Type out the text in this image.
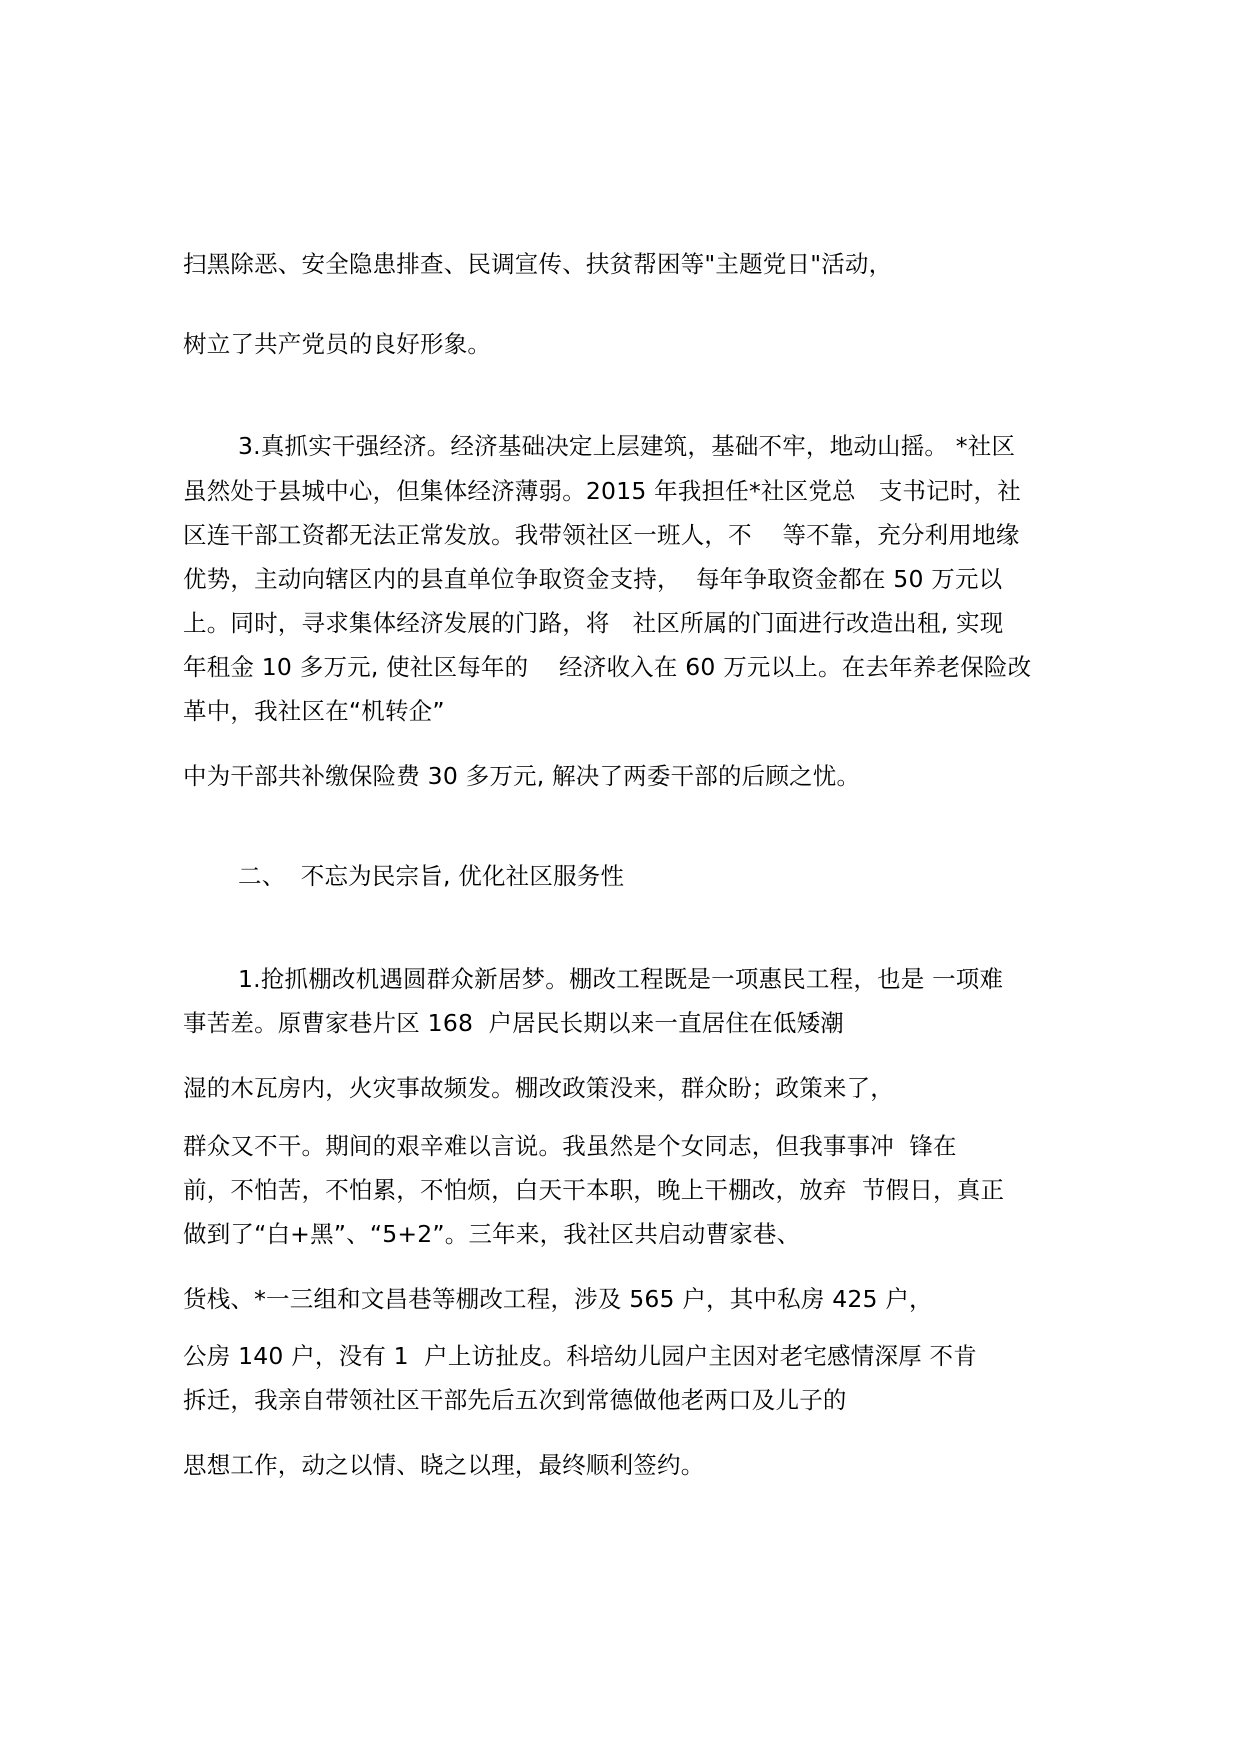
扫黑除恶、安全隐患排查、民调宣传、扶贫帮困等"主题党日"活动，
树立了共产党员的良好形象。
3.真抓实干强经济。经济基础决定上层建筑，基础不牢，地动山摇。 *社区
虽然处于县城中心，但集体经济薄弱。2015 年我担任*社区党总   支书记时，社
区连干部工资都无法正常发放。我带领社区一班人，不    等不靠，充分利用地缘
优势，主动向辖区内的县直单位争取资金支持，  每年争取资金都在 50 万元以
上。同时，寻求集体经济发展的门路，将   社区所属的门面进行改造出租, 实现
年租金 10 多万元, 使社区每年的    经济收入在 60 万元以上。在去年养老保险改
革中，我社区在“机转企”
中为干部共补缴保险费 30 多万元, 解决了两委干部的后顾之忧。
二、  不忘为民宗旨, 优化社区服务性
1.抢抓棚改机遇圆群众新居梦。棚改工程既是一项惠民工程，也是 一项难
事苦差。原曹家巷片区 168  户居民长期以来一直居住在低矮潮
湿的木瓦房内，火灾事故频发。棚改政策没来，群众盼；政策来了，
群众又不干。期间的艰辛难以言说。我虽然是个女同志，但我事事冲  锋在
前，不怕苦，不怕累，不怕烦，白天干本职，晚上干棚改，放弃  节假日，真正
做到了“白+黑”、“5+2”。三年来，我社区共启动曹家巷、
货栈、*一三组和文昌巷等棚改工程，涉及 565 户，其中私房 425 户，
公房 140 户，没有 1  户上访扯皮。科培幼儿园户主因对老宅感情深厚 不肯
拆迁，我亲自带领社区干部先后五次到常德做他老两口及儿子的
思想工作，动之以情、晓之以理，最终顺利签约。
